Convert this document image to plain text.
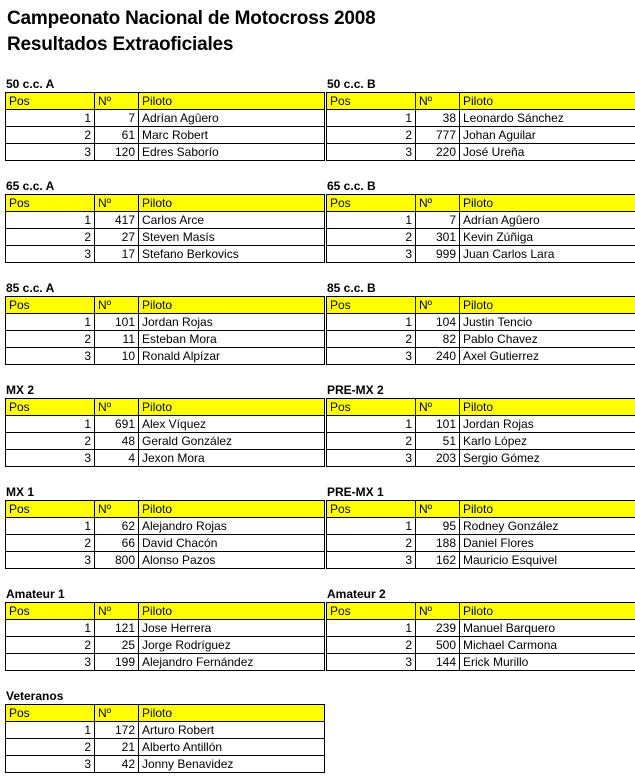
Campeonato Nacional de Motocross 2008
Resultados Extraoficiales
50 c.c. A
Pos	Nº	Piloto
1	7	Adrían Agûero
2	61	Marc Robert
3	120	Edres Saborío
50 c.c. B
Pos	Nº	Piloto
1	38	Leonardo Sánchez
2	777	Johan Aguilar
3	220	José Ureña
65 c.c. A
Pos	Nº	Piloto
1	417	Carlos Arce
2	27	Steven Masís
3	17	Stefano Berkovics
65 c.c. B
Pos	Nº	Piloto
1	7	Adrían Agûero
2	301	Kevin Zúñiga
3	999	Juan Carlos Lara
85 c.c. A
Pos	Nº	Piloto
1	101	Jordan Rojas
2	11	Esteban Mora
3	10	Ronald Alpízar
85 c.c. B
Pos	Nº	Piloto
1	104	Justin Tencio
2	82	Pablo Chavez
3	240	Axel Gutierrez
MX 2
Pos	Nº	Piloto
1	691	Alex Víquez
2	48	Gerald González
3	4	Jexon Mora
PRE-MX 2
Pos	Nº	Piloto
1	101	Jordan Rojas
2	51	Karlo López
3	203	Sergio Gómez
MX 1
Pos	Nº	Piloto
1	62	Alejandro Rojas
2	66	David Chacón
3	800	Alonso Pazos
PRE-MX 1
Pos	Nº	Piloto
1	95	Rodney González
2	188	Daniel Flores
3	162	Mauricio Esquivel
Amateur 1
Pos	Nº	Piloto
1	121	Jose Herrera
2	25	Jorge Rodríguez
3	199	Alejandro Fernández
Amateur 2
Pos	Nº	Piloto
1	239	Manuel Barquero
2	500	Michael Carmona
3	144	Erick Murillo
Veteranos
Pos	Nº	Piloto
1	172	Arturo Robert
2	21	Alberto Antillón
3	42	Jonny Benavidez
